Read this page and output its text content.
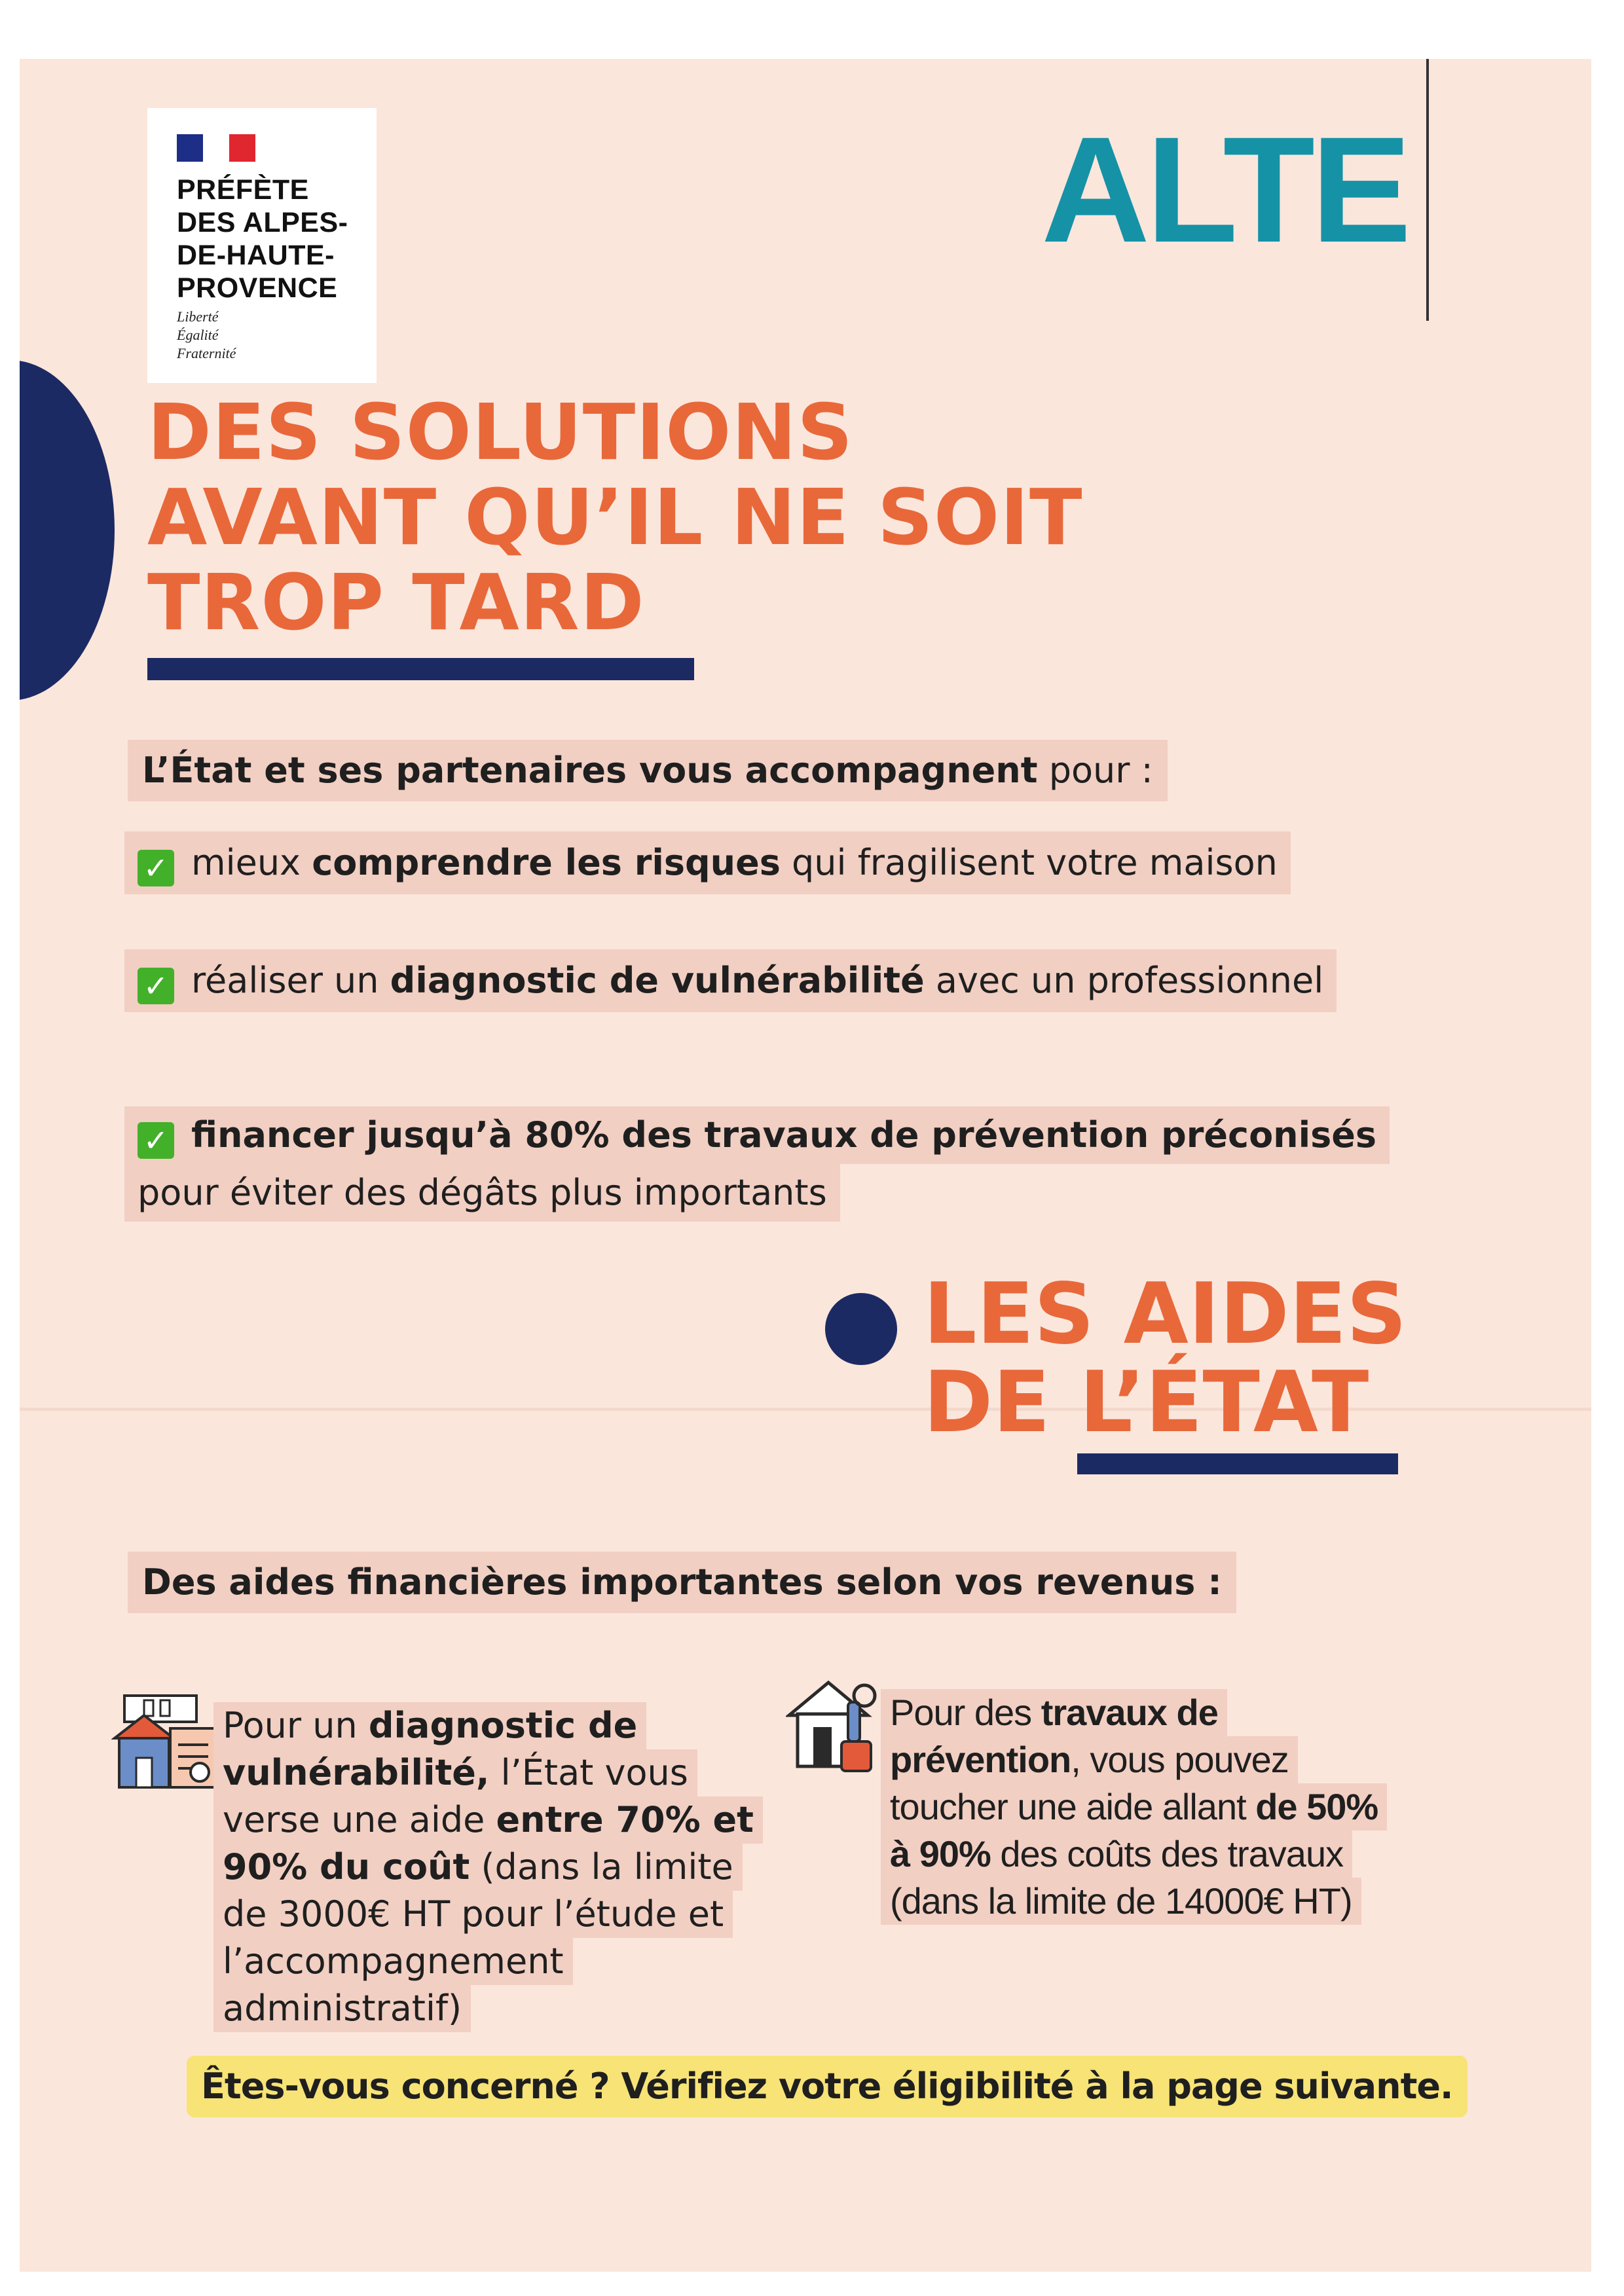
PRÉFÈTE
DES ALPES-
DE-HAUTE-
PROVENCE
Liberté
Égalité
Fraternité
ALTE
DES SOLUTIONS
AVANT QU’IL NE SOIT
TROP TARD
L’État et ses partenaires vous accompagnent pour :
✓ mieux comprendre les risques qui fragilisent votre maison
✓ réaliser un diagnostic de vulnérabilité avec un professionnel
✓ financer jusqu’à 80% des travaux de prévention préconisés
pour éviter des dégâts plus importants
LES AIDES
DE L’ÉTAT
Des aides financières importantes selon vos revenus :
Pour un diagnostic de
vulnérabilité, l’État vous
verse une aide entre 70% et
90% du coût (dans la limite
de 3000€ HT pour l’étude et
l’accompagnement
administratif)
Pour des travaux de
prévention, vous pouvez
toucher une aide allant de 50%
à 90% des coûts des travaux
(dans la limite de 14000€ HT)
Êtes-vous concerné ? Vérifiez votre éligibilité à la page suivante.
